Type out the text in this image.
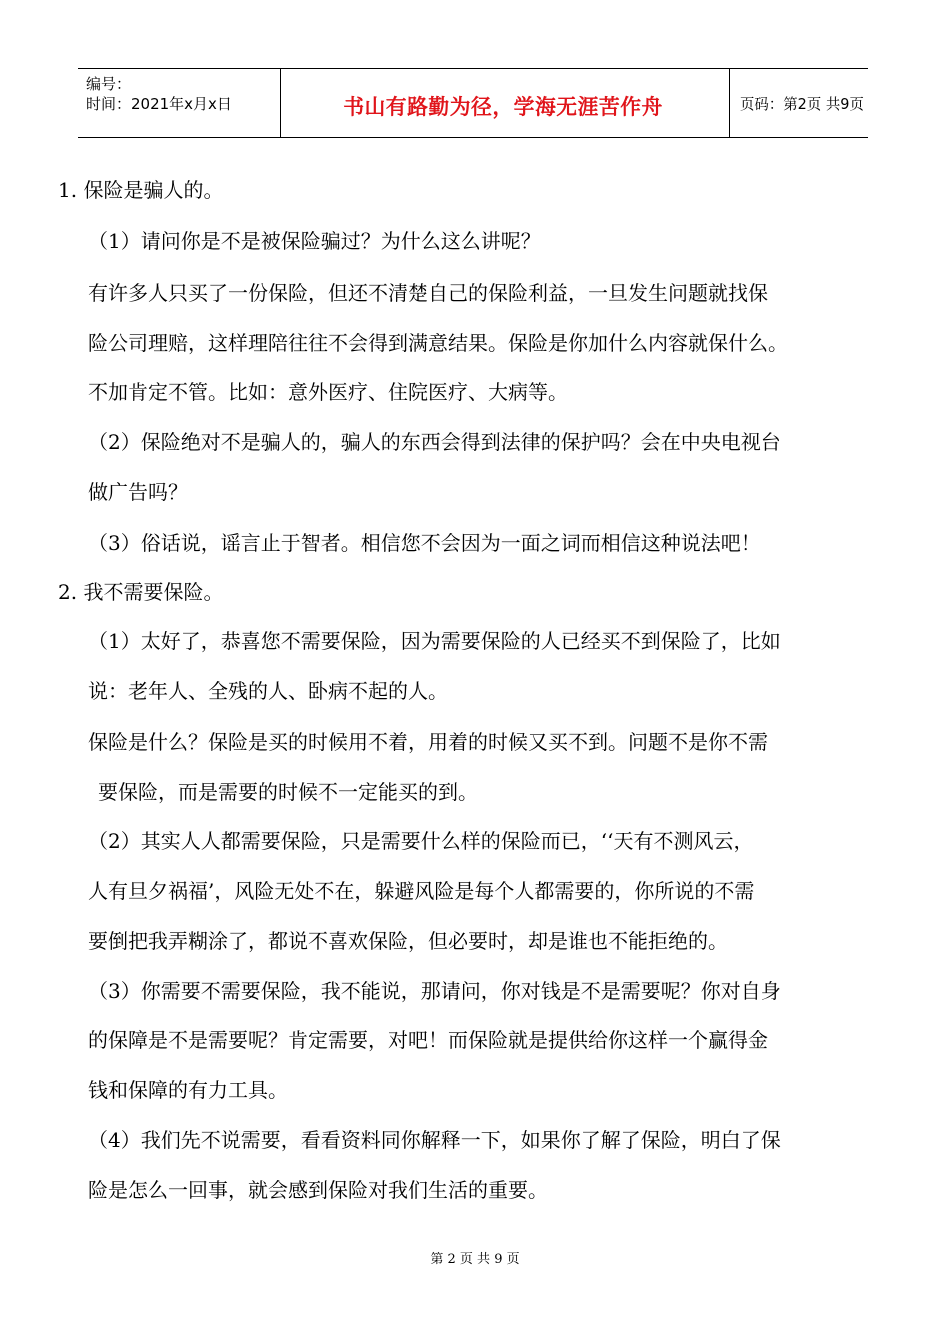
编号：
时间：2021年x月x日	书山有路勤为径，学海无涯苦作舟	页码：第2页 共9页
1. 保险是骗人的。
（1）请问你是不是被保险骗过？为什么这么讲呢？
有许多人只买了一份保险，但还不清楚自己的保险利益，一旦发生问题就找保
险公司理赔，这样理陪往往不会得到满意结果。保险是你加什么内容就保什么。
不加肯定不管。比如：意外医疗、住院医疗、大病等。
（2）保险绝对不是骗人的，骗人的东西会得到法律的保护吗？会在中央电视台
做广告吗？
（3）俗话说，谣言止于智者。相信您不会因为一面之词而相信这种说法吧！
2. 我不需要保险。
（1）太好了，恭喜您不需要保险，因为需要保险的人已经买不到保险了，比如
说：老年人、全残的人、卧病不起的人。
保险是什么？保险是买的时候用不着，用着的时候又买不到。问题不是你不需
要保险，而是需要的时候不一定能买的到。
（2）其实人人都需要保险，只是需要什么样的保险而已，‘‘天有不测风云，
人有旦夕祸福’，风险无处不在，躲避风险是每个人都需要的，你所说的不需
要倒把我弄糊涂了，都说不喜欢保险，但必要时，却是谁也不能拒绝的。
（3）你需要不需要保险，我不能说，那请问，你对钱是不是需要呢？你对自身
的保障是不是需要呢？肯定需要，对吧！而保险就是提供给你这样一个赢得金
钱和保障的有力工具。
（4）我们先不说需要，看看资料同你解释一下，如果你了解了保险，明白了保
险是怎么一回事，就会感到保险对我们生活的重要。
第 2 页 共 9 页
